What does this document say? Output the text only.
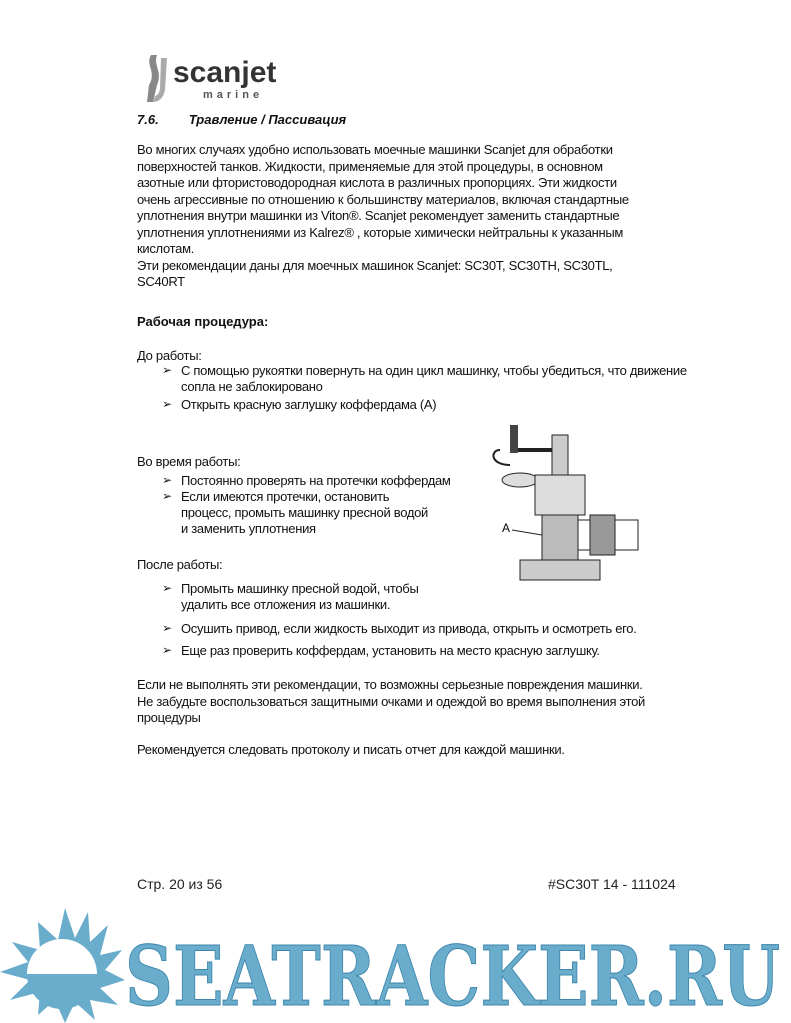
scanjet
marine
7.6. Травление / Пассивация
Во многих случаях удобно использовать моечные машинки Scanjet для обработки
поверхностей танков. Жидкости, применяемые для этой процедуры, в основном
азотные или фтористоводородная кислота в различных пропорциях. Эти жидкости
очень агрессивные по отношению к большинству материалов, включая стандартные
уплотнения внутри машинки из Viton®. Scanjet рекомендует заменить стандартные
уплотнения уплотнениями из Kalrez® , которые химически нейтральны к указанным
кислотам.
Эти рекомендации даны для моечных машинок Scanjet: SC30T, SC30TH, SC30TL,
SC40RT
Рабочая процедура:
До работы:
Во время работы:
После работы:
➢ С помощью рукоятки повернуть на один цикл машинку, чтобы убедиться, что движение
сопла не заблокировано
➢ Открыть красную заглушку коффердама (A)
➢ Постоянно проверять на протечки коффердам
➢ Если имеются протечки, остановить
процесс, промыть машинку пресной водой
и заменить уплотнения
➢ Промыть машинку пресной водой, чтобы
удалить все отложения из машинки.
➢ Осушить привод, если жидкость выходит из привода, открыть и осмотреть его.
➢ Еще раз проверить коффердам, установить на место красную заглушку.
A
Если не выполнять эти рекомендации, то возможны серьезные повреждения машинки.
Не забудьте воспользоваться защитными очками и одеждой во время выполнения этой
процедуры
Рекомендуется следовать протоколу и писать отчет для каждой машинки.
Стр. 20 из 56	#SC30T 14 - 111024
SEATRACKER.RU
